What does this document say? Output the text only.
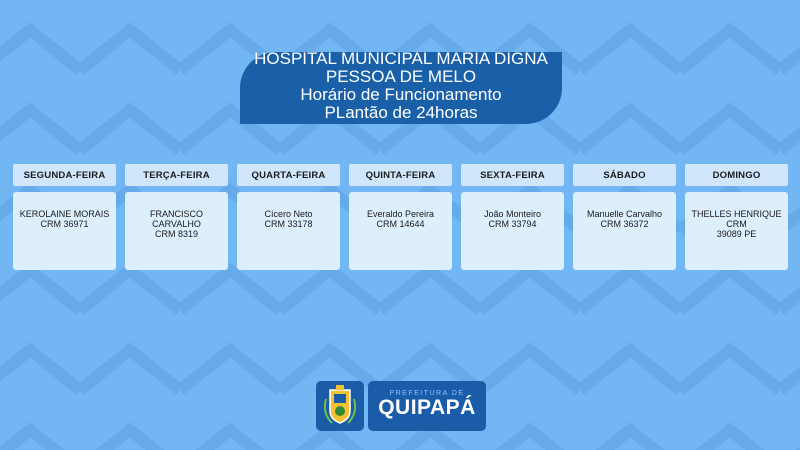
HOSPITAL MUNICIPAL MARIA DIGNA
PESSOA DE MELO
Horário de Funcionamento
PLantão de 24horas
SEGUNDA-FEIRA
KEROLAINE MORAIS
CRM 36971
TERÇA-FEIRA
FRANCISCO CARVALHO
CRM 8319
QUARTA-FEIRA
Cícero Neto
CRM 33178
QUINTA-FEIRA
Everaldo Pereira
CRM 14644
SEXTA-FEIRA
João Monteiro
CRM 33794
SÁBADO
Manuelle Carvalho
CRM 36372
DOMINGO
THELLES HENRIQUE CRM
39089 PE
PREFEITURA DE
QUIPAPÁ
